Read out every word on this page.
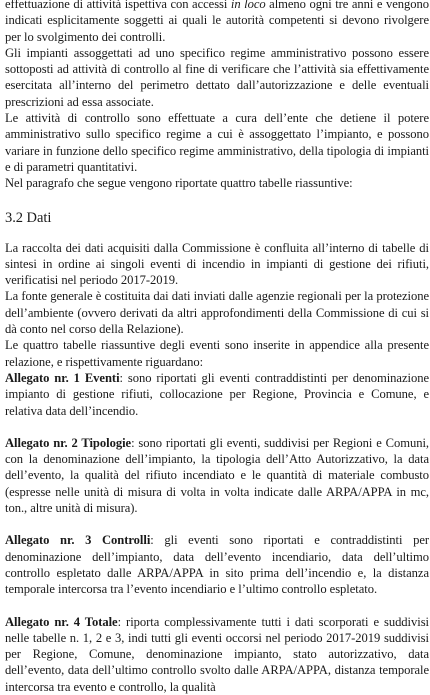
effettuazione di attività ispettiva con accessi in loco almeno ogni tre anni e vengono indicati esplicitamente soggetti ai quali le autorità competenti si devono rivolgere per lo svolgimento dei controlli.

Gli impianti assoggettati ad uno specifico regime amministrativo possono essere sottoposti ad attività di controllo al fine di verificare che l’attività sia effettivamente esercitata all’interno del perimetro dettato dall’autorizzazione e delle eventuali prescrizioni ad essa associate.

Le attività di controllo sono effettuate a cura dell’ente che detiene il potere amministrativo sullo specifico regime a cui è assoggettato l’impianto, e possono variare in funzione dello specifico regime amministrativo, della tipologia di impianti e di parametri quantitativi.

Nel paragrafo che segue vengono riportate quattro tabelle riassuntive:

3.2 Dati

La raccolta dei dati acquisiti dalla Commissione è confluita all’interno di tabelle di sintesi in ordine ai singoli eventi di incendio in impianti di gestione dei rifiuti, verificatisi nel periodo 2017-2019.

La fonte generale è costituita dai dati inviati dalle agenzie regionali per la protezione dell’ambiente (ovvero derivati da altri approfondimenti della Commissione di cui si dà conto nel corso della Relazione).

Le quattro tabelle riassuntive degli eventi sono inserite in appendice alla presente relazione, e rispettivamente riguardano:

Allegato nr. 1 Eventi: sono riportati gli eventi contraddistinti per denominazione impianto di gestione rifiuti, collocazione per Regione, Provincia e Comune, e relativa data dell’incendio.

Allegato nr. 2 Tipologie: sono riportati gli eventi, suddivisi per Regioni e Comuni, con la denominazione dell’impianto, la tipologia dell’Atto Autorizzativo, la data dell’evento, la qualità del rifiuto incendiato e le quantità di materiale combusto (espresse nelle unità di misura di volta in volta indicate dalle ARPA/APPA in mc, ton., altre unità di misura).

Allegato nr. 3 Controlli: gli eventi sono riportati e contraddistinti per denominazione dell’impianto, data dell’evento incendiario, data dell’ultimo controllo espletato dalle ARPA/APPA in sito prima dell’incendio e, la distanza temporale intercorsa tra l’evento incendiario e l’ultimo controllo espletato.

Allegato nr. 4 Totale: riporta complessivamente tutti i dati scorporati e suddivisi nelle tabelle n. 1, 2 e 3, indi tutti gli eventi occorsi nel periodo 2017-2019 suddivisi per Regione, Comune, denominazione impianto, stato autorizzativo, data dell’evento, data dell’ultimo controllo svolto dalle ARPA/APPA, distanza temporale intercorsa tra evento e controllo, la qualità
